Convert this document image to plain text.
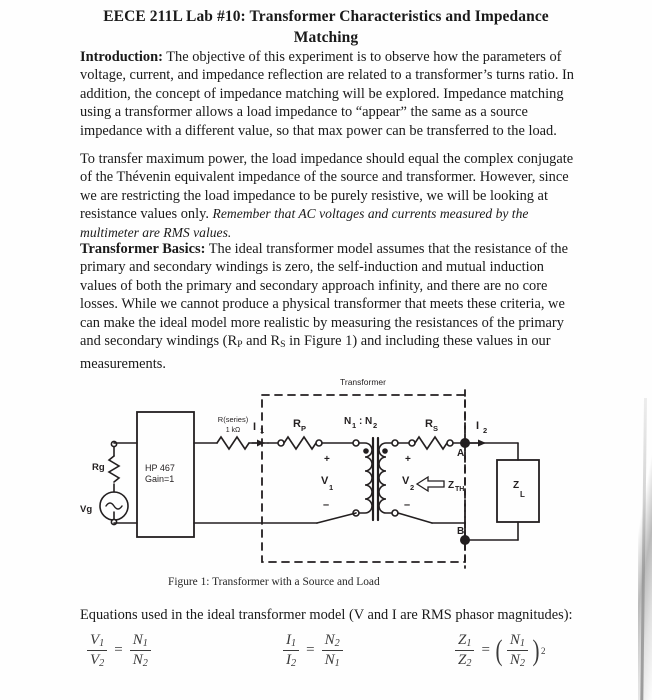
EECE 211L Lab #10: Transformer Characteristics and Impedance Matching
Introduction: The objective of this experiment is to observe how the parameters of voltage, current, and impedance reflection are related to a transformer’s turns ratio. In addition, the concept of impedance matching will be explored. Impedance matching using a transformer allows a load impedance to “appear” the same as a source impedance with a different value, so that max power can be transferred to the load.
To transfer maximum power, the load impedance should equal the complex conjugate of the Thévenin equivalent impedance of the source and transformer. However, since we are restricting the load impedance to be purely resistive, we will be looking at resistance values only. Remember that AC voltages and currents measured by the multimeter are RMS values.
Transformer Basics: The ideal transformer model assumes that the resistance of the primary and secondary windings is zero, the self-induction and mutual induction values of both the primary and secondary approach infinity, and there are no core losses. While we cannot produce a physical transformer that meets these criteria, we can make the ideal model more realistic by measuring the resistances of the primary and secondary windings ($R_P$ and $R_S$ in Figure 1) and including these values in our measurements.
Transformer
Rg
Vg
HP 467
Gain=1
R(series)
1 kΩ I 1
R P
N 1 : N 2
+
V
1
–
+
V
2
–
R S	I 2
A
B
Z TH	Z
L
Figure 1: Transformer with a Source and Load
Equations used in the ideal transformer model (V and I are RMS phasor magnitudes):
$\frac{V_1}{V_2} = \frac{N_1}{N_2}$	$\frac{I_1}{I_2} = \frac{N_2}{N_1}$	$\frac{Z_1}{Z_2}$ = ( $\frac{N_1}{N_2}$ ) 2
